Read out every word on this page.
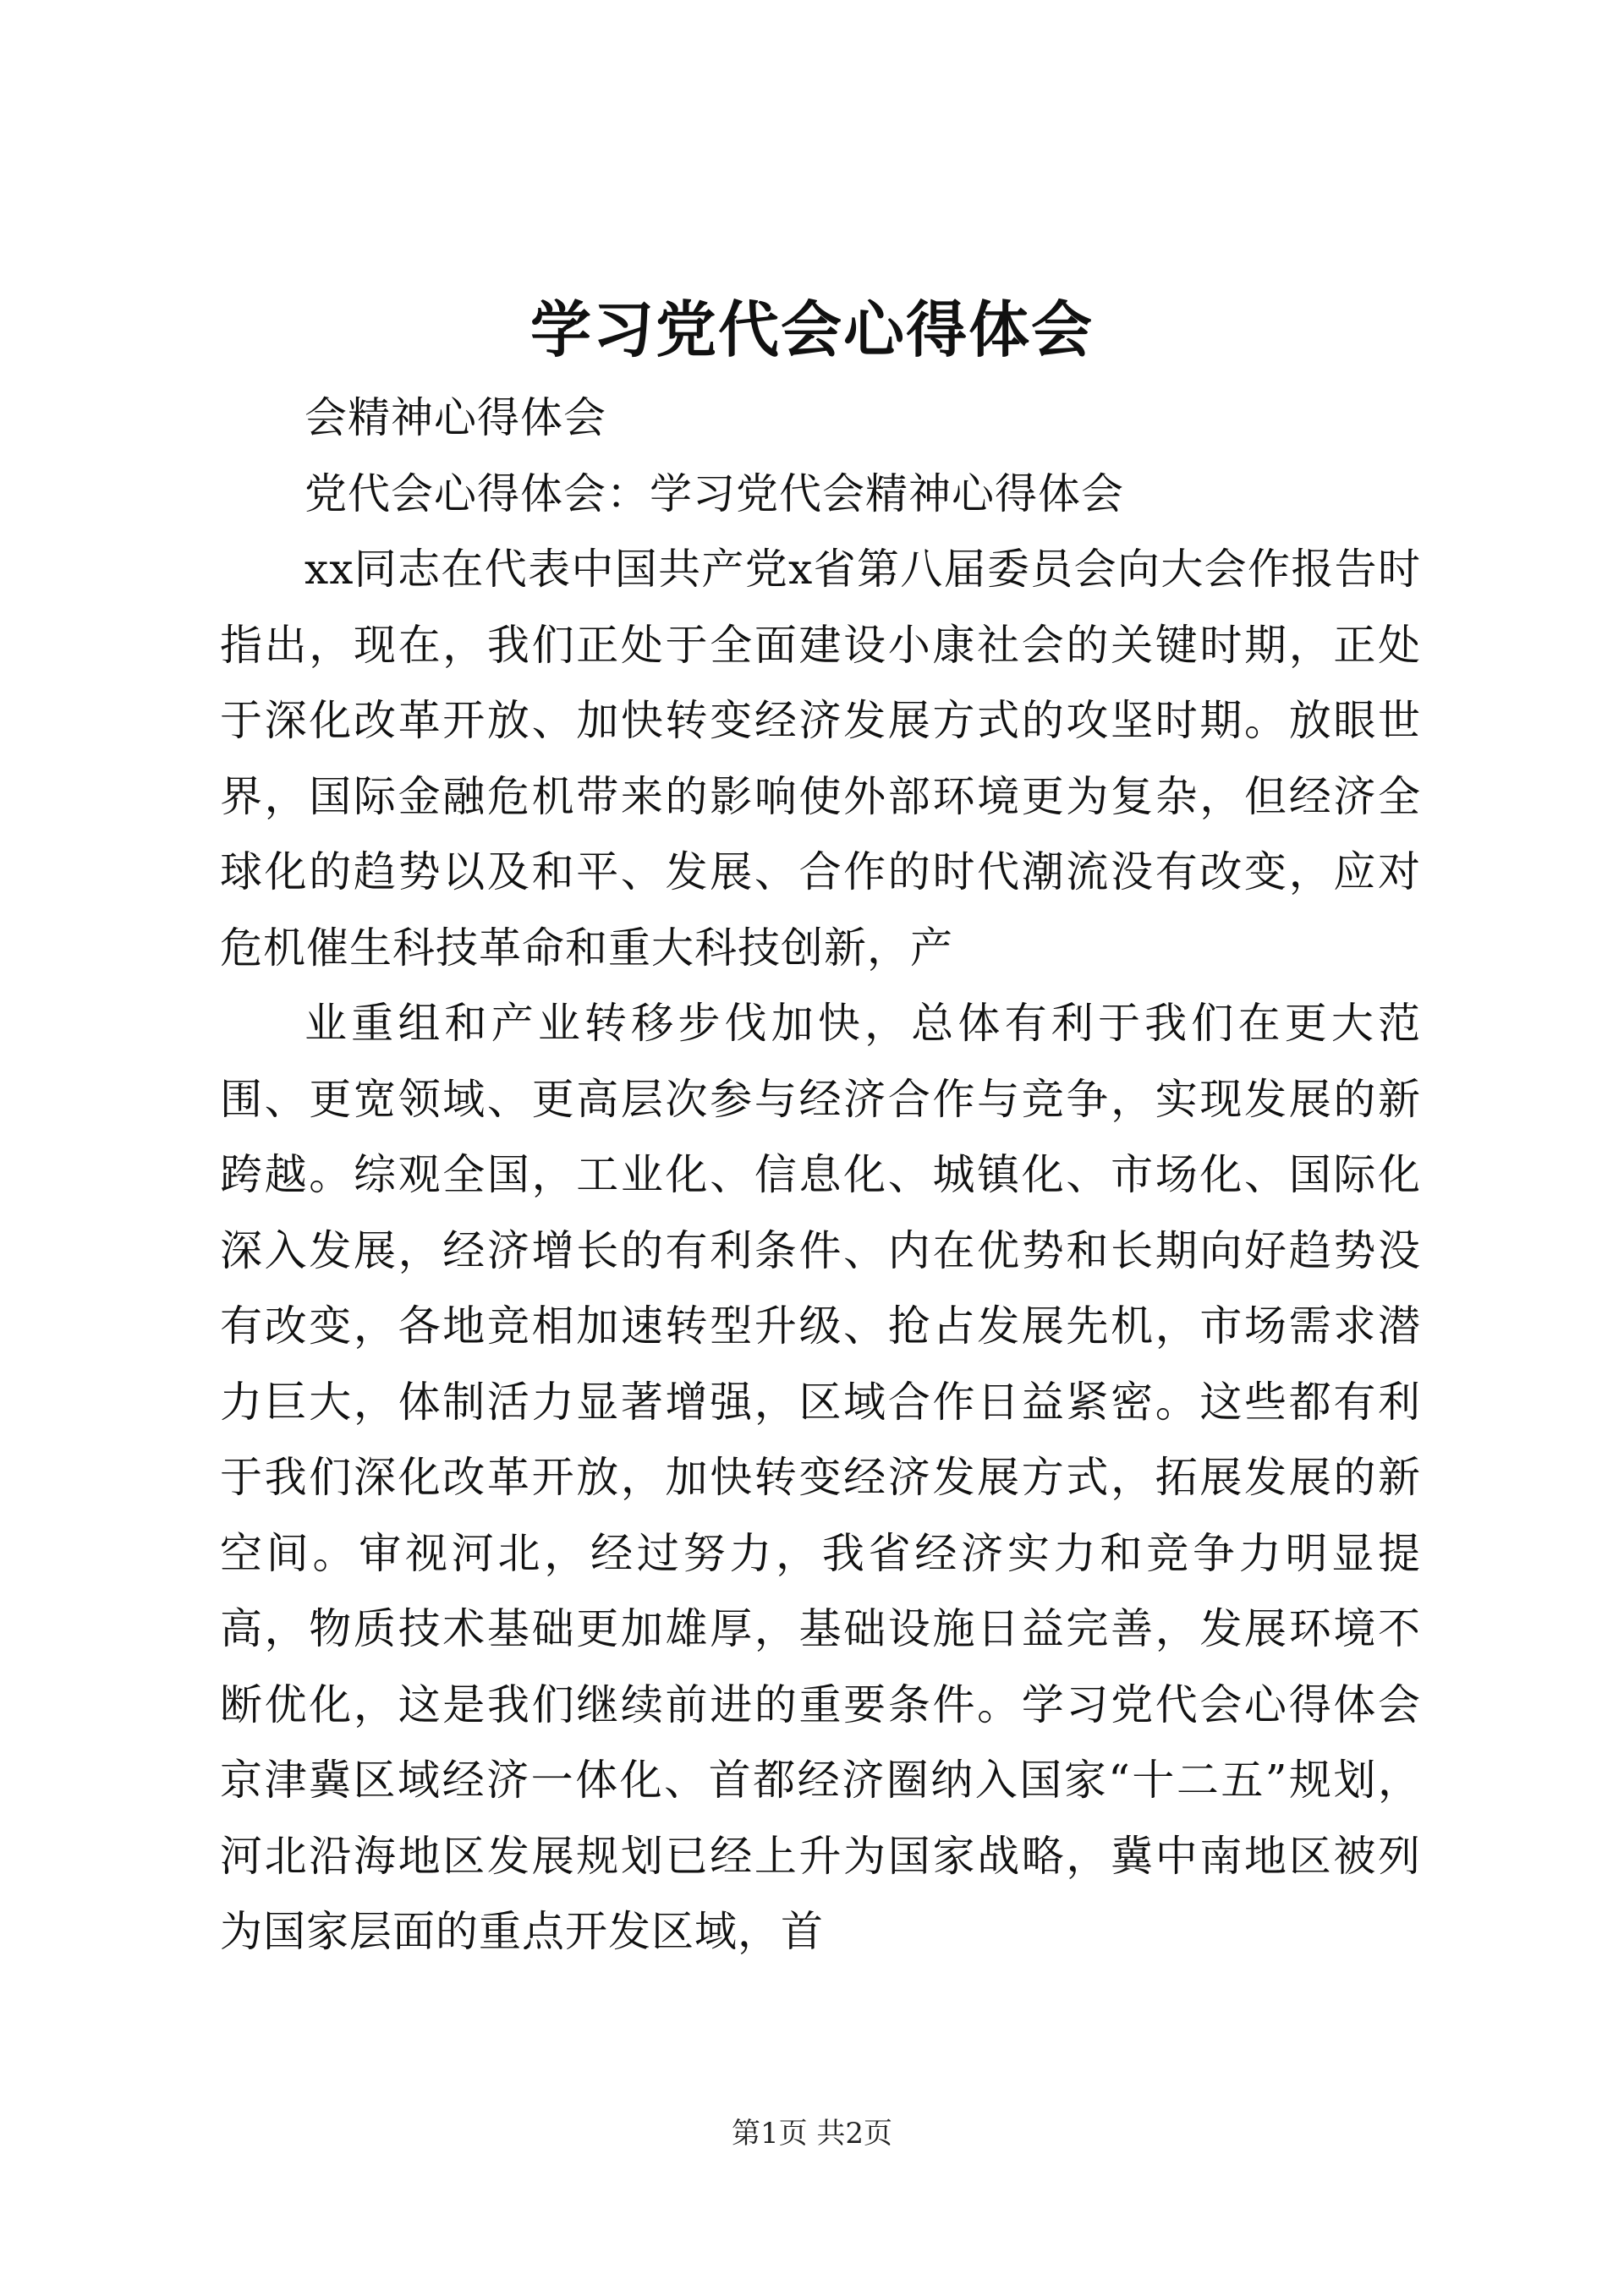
学习党代会心得体会

会精神心得体会

党代会心得体会：学习党代会精神心得体会

xx同志在代表中国共产党x省第八届委员会向大会作报告时指出，现在，我们正处于全面建设小康社会的关键时期，正处于深化改革开放、加快转变经济发展方式的攻坚时期。放眼世界，国际金融危机带来的影响使外部环境更为复杂，但经济全球化的趋势以及和平、发展、合作的时代潮流没有改变，应对危机催生科技革命和重大科技创新，产

业重组和产业转移步伐加快，总体有利于我们在更大范围、更宽领域、更高层次参与经济合作与竞争，实现发展的新跨越。综观全国，工业化、信息化、城镇化、市场化、国际化深入发展，经济增长的有利条件、内在优势和长期向好趋势没有改变，各地竞相加速转型升级、抢占发展先机，市场需求潜力巨大，体制活力显著增强，区域合作日益紧密。这些都有利于我们深化改革开放，加快转变经济发展方式，拓展发展的新空间。审视河北，经过努力，我省经济实力和竞争力明显提高，物质技术基础更加雄厚，基础设施日益完善，发展环境不断优化，这是我们继续前进的重要条件。学习党代会心得体会京津冀区域经济一体化、首都经济圈纳入国家“十二五”规划，河北沿海地区发展规划已经上升为国家战略，冀中南地区被列为国家层面的重点开发区域，首

第1页 共2页
